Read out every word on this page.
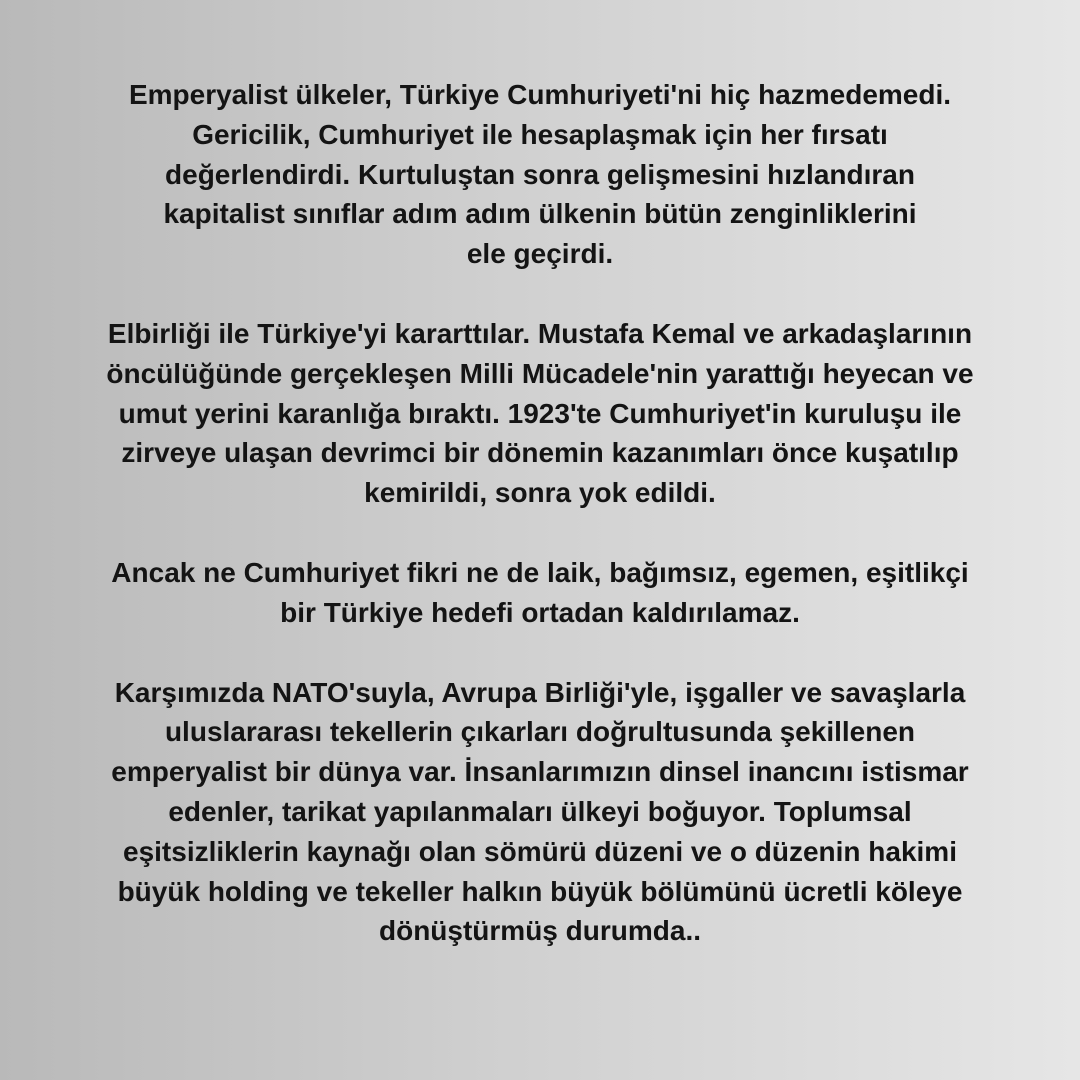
Emperyalist ülkeler, Türkiye Cumhuriyeti'ni hiç hazmedemedi.
Gericilik, Cumhuriyet ile hesaplaşmak için her fırsatı
değerlendirdi. Kurtuluştan sonra gelişmesini hızlandıran
kapitalist sınıflar adım adım ülkenin bütün zenginliklerini
ele geçirdi.

Elbirliği ile Türkiye'yi kararttılar. Mustafa Kemal ve arkadaşlarının
öncülüğünde gerçekleşen Milli Mücadele'nin yarattığı heyecan ve
umut yerini karanlığa bıraktı. 1923'te Cumhuriyet'in kuruluşu ile
zirveye ulaşan devrimci bir dönemin kazanımları önce kuşatılıp
kemirildi, sonra yok edildi.

Ancak ne Cumhuriyet fikri ne de laik, bağımsız, egemen, eşitlikçi
bir Türkiye hedefi ortadan kaldırılamaz.

Karşımızda NATO'suyla, Avrupa Birliği'yle, işgaller ve savaşlarla
uluslararası tekellerin çıkarları doğrultusunda şekillenen
emperyalist bir dünya var. İnsanlarımızın dinsel inancını istismar
edenler, tarikat yapılanmaları ülkeyi boğuyor. Toplumsal
eşitsizliklerin kaynağı olan sömürü düzeni ve o düzenin hakimi
büyük holding ve tekeller halkın büyük bölümünü ücretli köleye
dönüştürmüş durumda..
